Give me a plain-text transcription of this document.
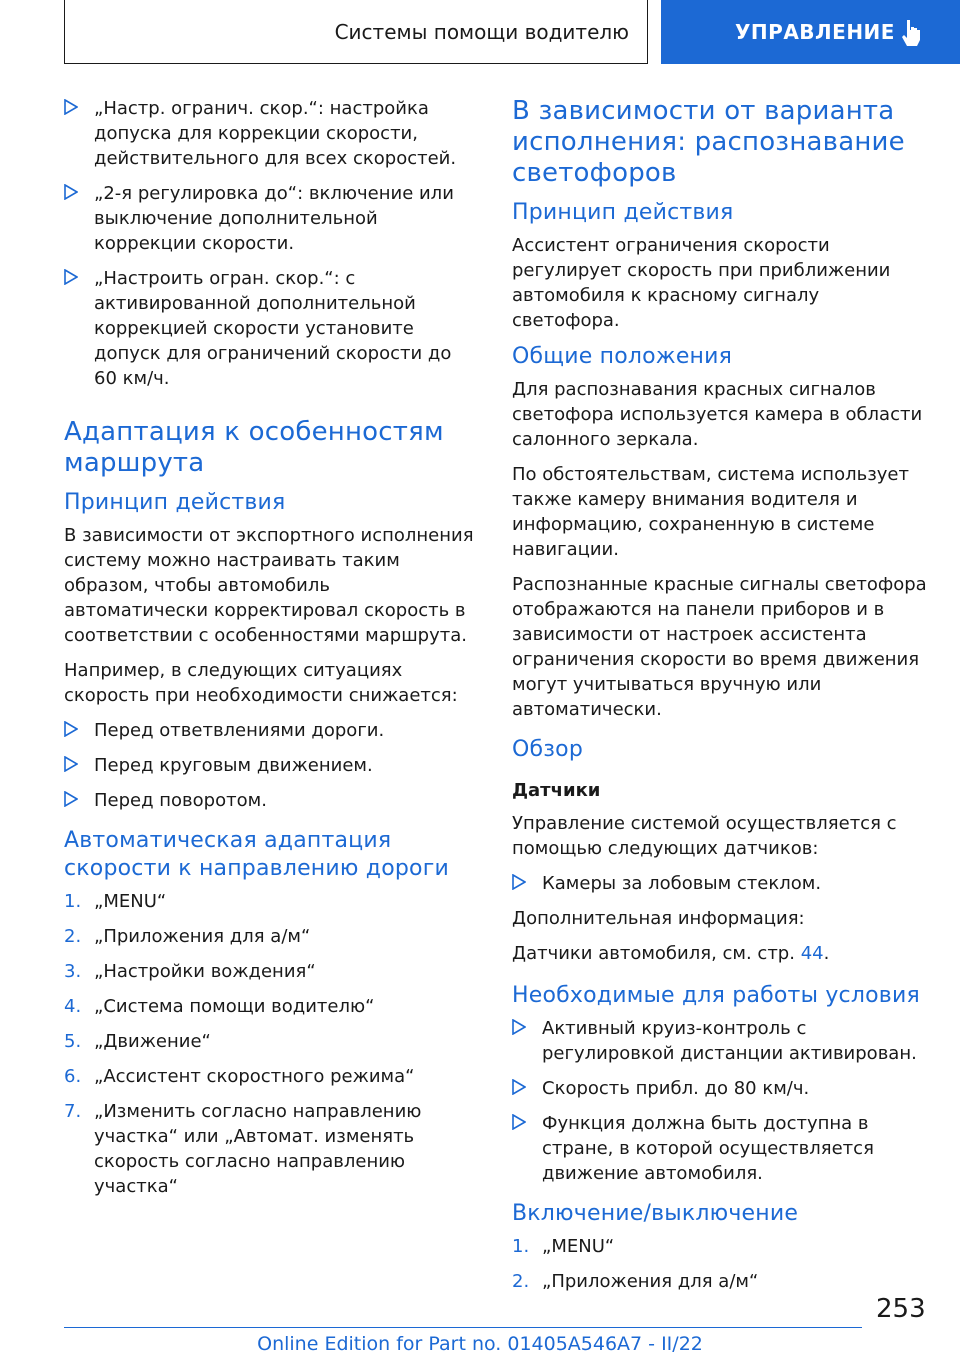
Системы помощи водителю	УПРАВЛЕНИЕ
„Настр. огранич. скор.“: настройка допуска для коррекции скорости, действительного для всех скоростей.
„2-я регулировка до“: включение или выключение дополнительной коррекции скорости.
„Настроить огран. скор.“: с активированной дополнительной коррекцией скорости установите допуск для ограничений скорости до 60 км/ч.
Адаптация к особенностям маршрута
Принцип действия

В зависимости от экспортного исполнения систему можно настраивать таким образом, чтобы автомобиль автоматически корректировал скорость в соответствии с особенностями маршрута.

Например, в следующих ситуациях скорость при необходимости снижается:

Перед ответвлениями дороги.
Перед круговым движением.
Перед поворотом.
Автоматическая адаптация скорости к направлению дороги
1. „MENU“
2. „Приложения для а/м“
3. „Настройки вождения“
4. „Система помощи водителю“
5. „Движение“
6. „Ассистент скоростного режима“
7. „Изменить согласно направлению участка“ или „Автомат. изменять скорость согласно направлению участка“
В зависимости от варианта исполнения: распознавание светофоров
Принцип действия

Ассистент ограничения скорости регулирует скорость при приближении автомобиля к красному сигналу светофора.

Общие положения

Для распознавания красных сигналов светофора используется камера в области салонного зеркала.

По обстоятельствам, система использует также камеру внимания водителя и информацию, сохраненную в системе навигации.

Распознанные красные сигналы светофора отображаются на панели приборов и в зависимости от настроек ассистента ограничения скорости во время движения могут учитываться вручную или автоматически.

Обзор
Датчики

Управление системой осуществляется с помощью следующих датчиков:

Камеры за лобовым стеклом.

Дополнительная информация:

Датчики автомобиля, см. стр. 44.

Необходимые для работы условия
Активный круиз-контроль с регулировкой дистанции активирован.
Скорость прибл. до 80 км/ч.
Функция должна быть доступна в стране, в которой осуществляется движение автомобиля.
Включение/выключение
1. „MENU“
2. „Приложения для а/м“
253
Online Edition for Part no. 01405A546A7 - II/22
